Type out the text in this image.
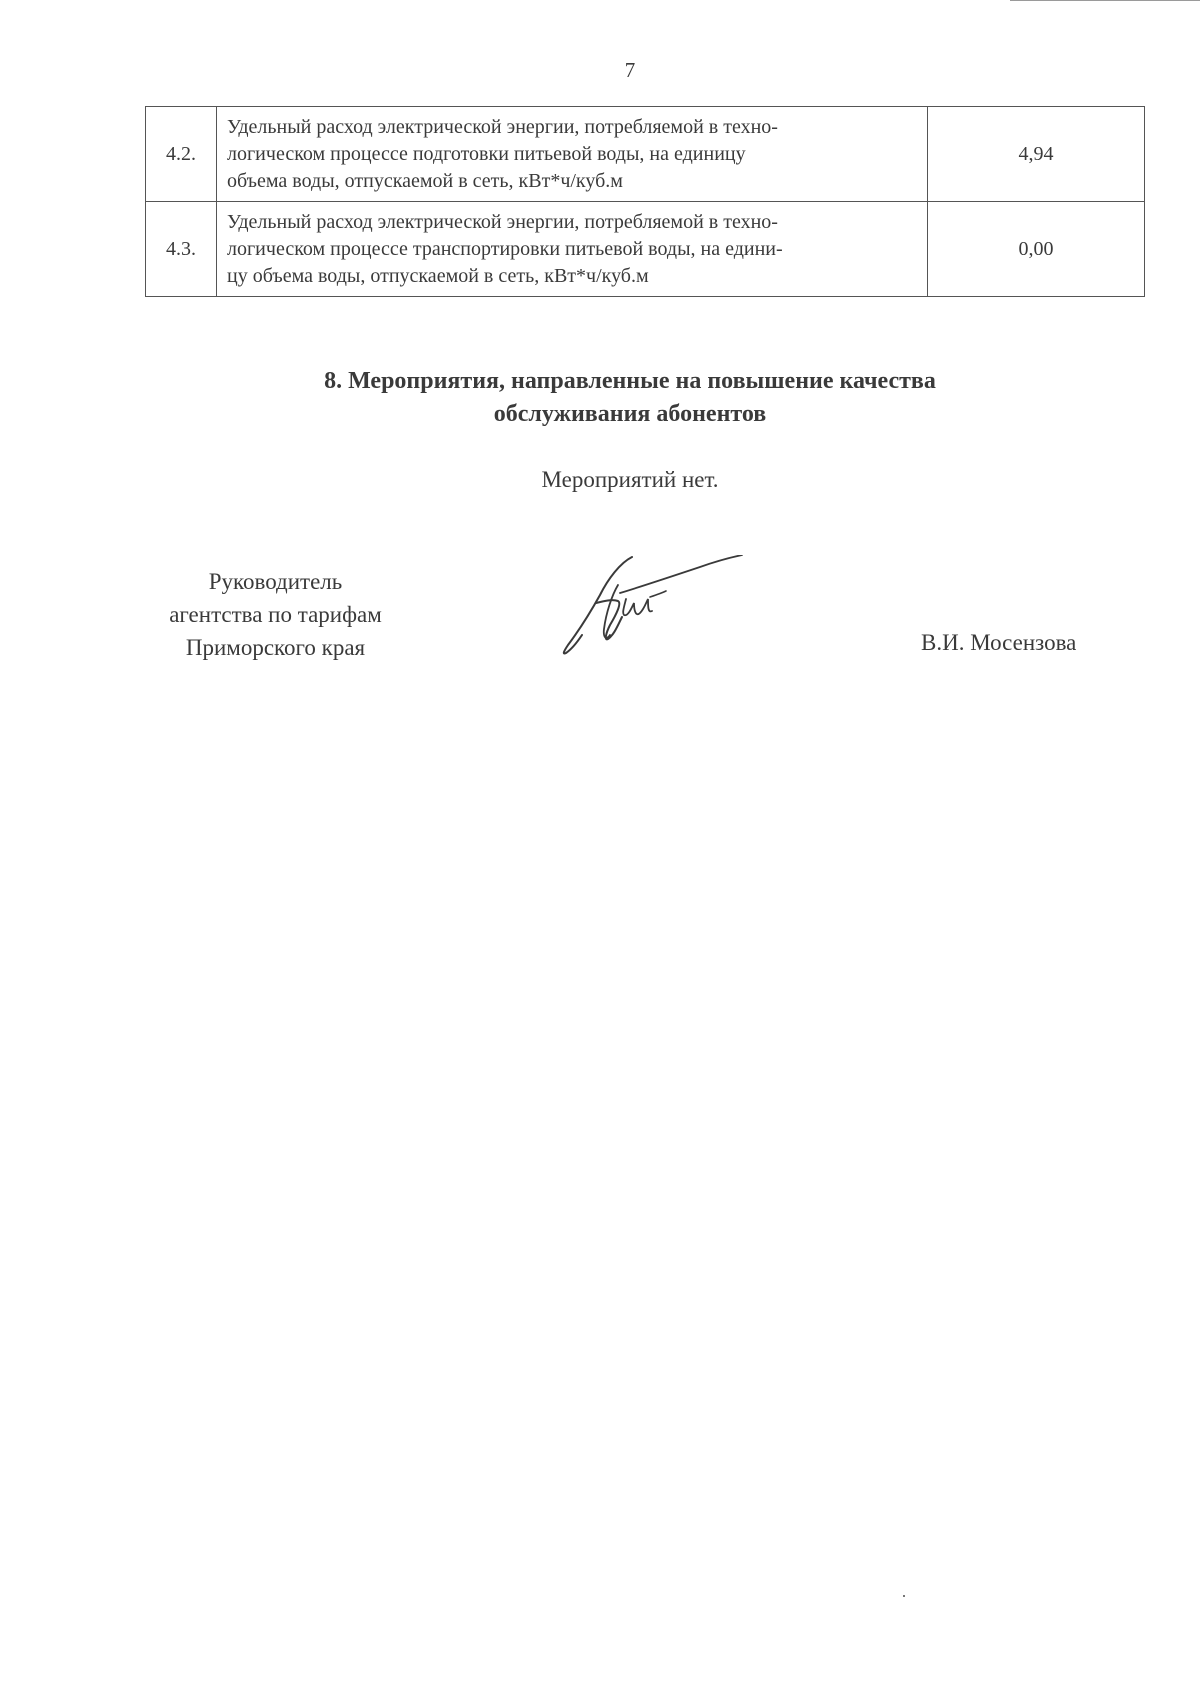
7
4.2.	Удельный расход электрической энергии, потребляемой в техно-
логическом процессе подготовки питьевой воды, на единицу
объема воды, отпускаемой в сеть, кВт*ч/куб.м	4,94
4.3.	Удельный расход электрической энергии, потребляемой в техно-
логическом процессе транспортировки питьевой воды, на едини-
цу объема воды, отпускаемой в сеть, кВт*ч/куб.м	0,00
8. Мероприятия, направленные на повышение качества
обслуживания абонентов
Мероприятий нет.
Руководитель
агентства по тарифам
Приморского края	В.И. Мосензова
